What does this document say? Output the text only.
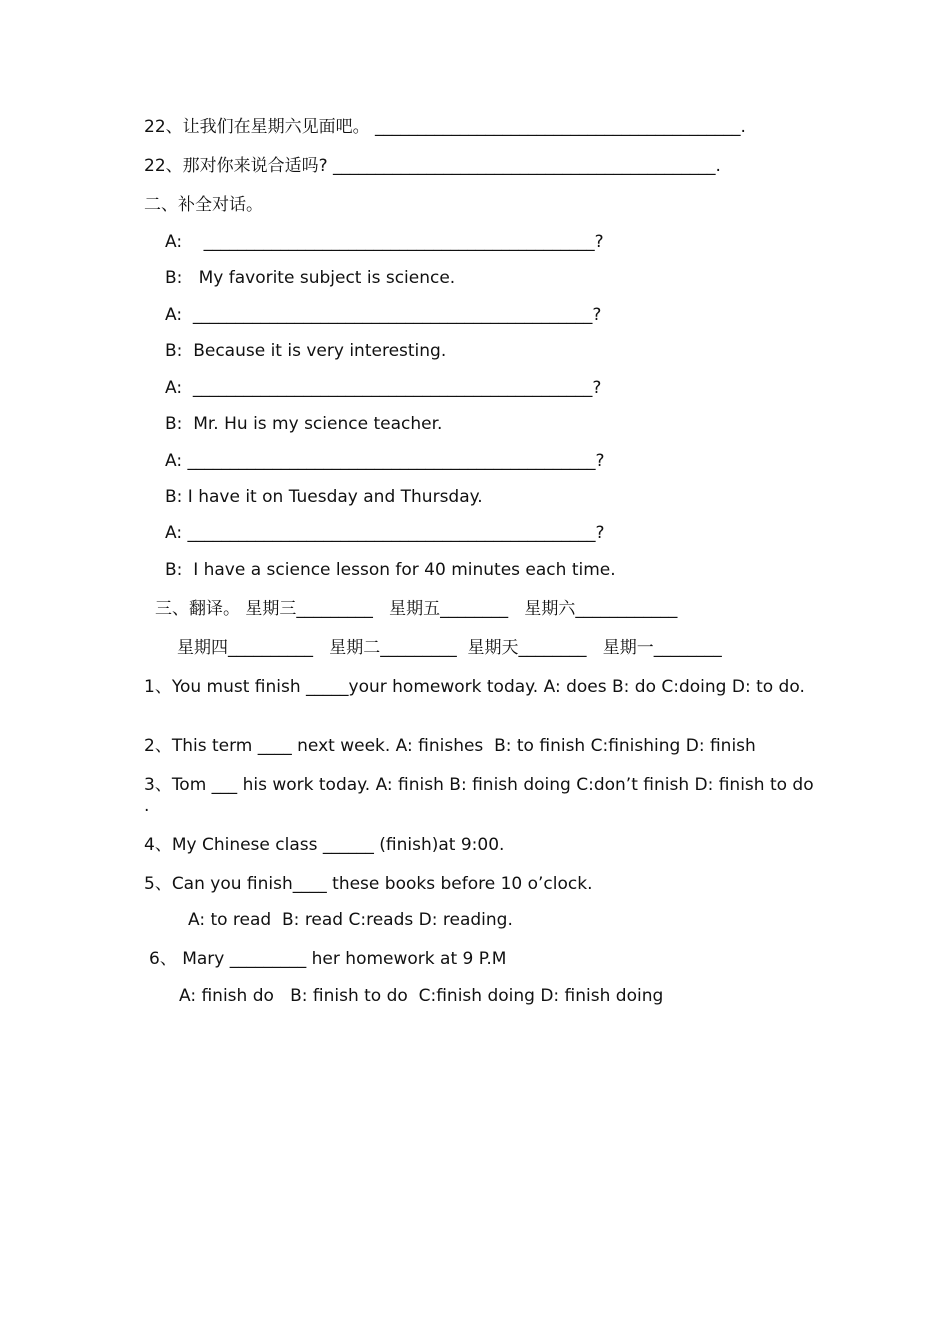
22、让我们在星期六见面吧。 ___________________________________________.
22、那对你来说合适吗? _____________________________________________.
二、补全对话。
A:    ______________________________________________?
B:   My favorite subject is science.
A:  _______________________________________________?
B:  Because it is very interesting.
A:  _______________________________________________?
B:  Mr. Hu is my science teacher.
A: ________________________________________________?
B: I have it on Tuesday and Thursday.
A: ________________________________________________?
B:  I have a science lesson for 40 minutes each time.
三、翻译。 星期三_________   星期五________   星期六____________
星期四__________   星期二_________  星期天________   星期一________
1、You must finish _____your homework today. A: does B: do C:doing D: to do.
2、This term ____ next week. A: finishes  B: to finish C:finishing D: finish
3、Tom ___ his work today. A: finish B: finish doing C:don’t finish D: finish to do .
4、My Chinese class ______ (finish)at 9:00.
5、Can you finish____ these books before 10 o’clock.
A: to read  B: read C:reads D: reading.
6、 Mary _________ her homework at 9 P.M
A: finish do   B: finish to do  C:finish doing D: finish doing
